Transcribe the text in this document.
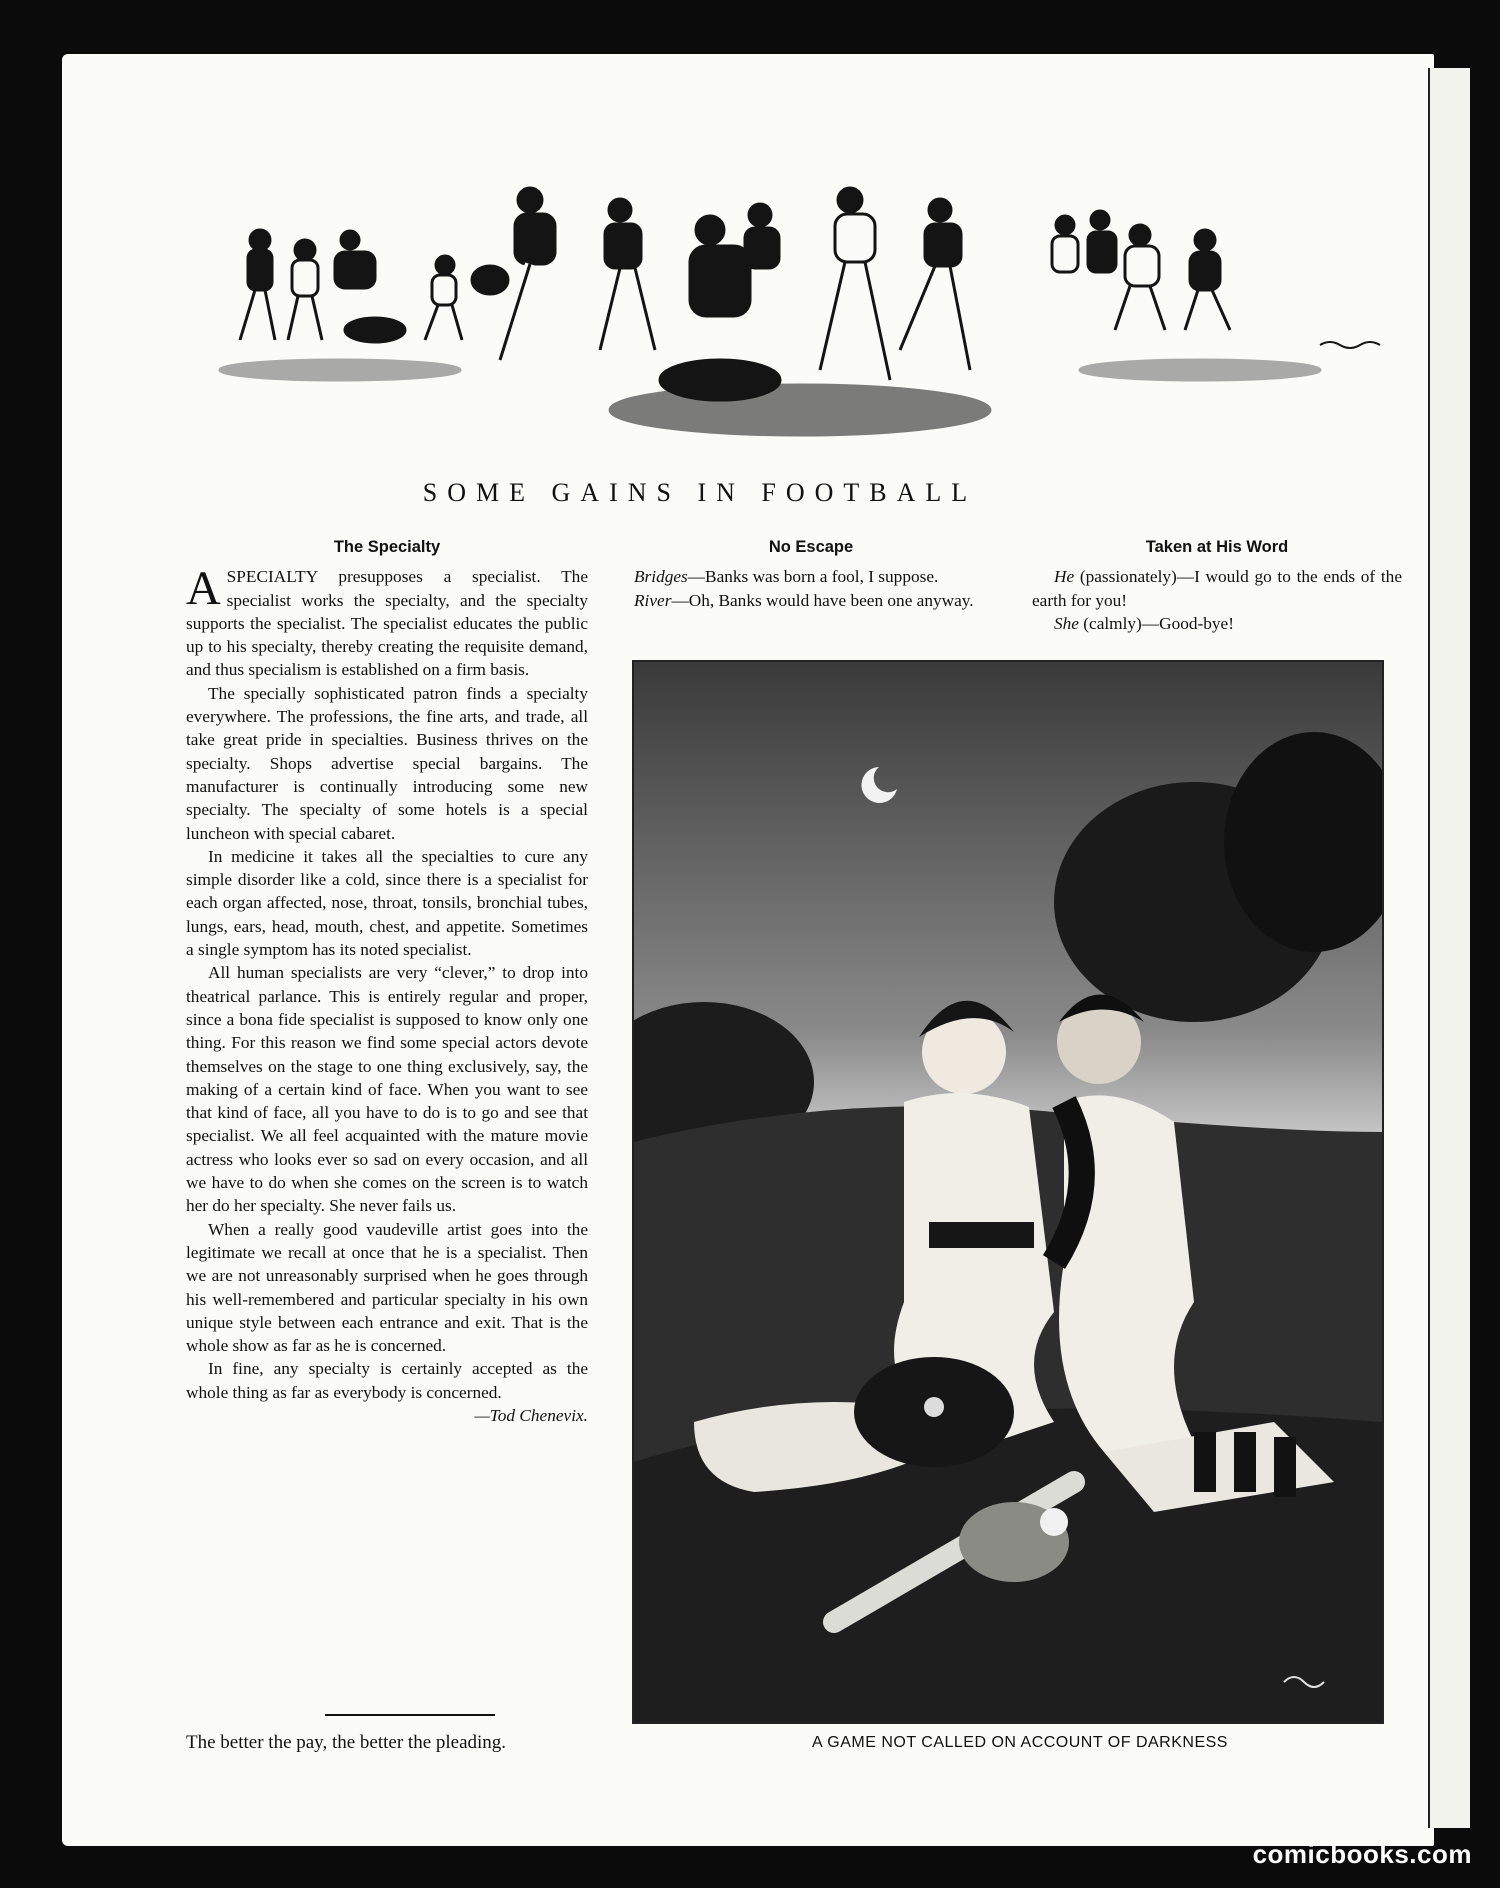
SOME GAINS IN FOOTBALL
The Specialty

ASPECIALTY presupposes a specialist. The specialist works the specialty, and the specialty supports the specialist. The specialist educates the public up to his specialty, thereby creating the requisite demand, and thus specialism is established on a firm basis.

The specially sophisticated patron finds a specialty everywhere. The professions, the fine arts, and trade, all take great pride in specialties. Business thrives on the specialty. Shops advertise special bargains. The manufacturer is continually introducing some new specialty. The specialty of some hotels is a special luncheon with special cabaret.

In medicine it takes all the specialties to cure any simple disorder like a cold, since there is a specialist for each organ affected, nose, throat, tonsils, bronchial tubes, lungs, ears, head, mouth, chest, and appetite. Sometimes a single symptom has its noted specialist.

All human specialists are very “clever,” to drop into theatrical parlance. This is entirely regular and proper, since a bona fide specialist is supposed to know only one thing. For this reason we find some special actors devote themselves on the stage to one thing exclusively, say, the making of a certain kind of face. When you want to see that kind of face, all you have to do is to go and see that specialist. We all feel acquainted with the mature movie actress who looks ever so sad on every occasion, and all we have to do when she comes on the screen is to watch her do her specialty. She never fails us.

When a really good vaudeville artist goes into the legitimate we recall at once that he is a specialist. Then we are not unreasonably surprised when he goes through his well-remembered and particular specialty in his own unique style between each entrance and exit. That is the whole show as far as he is concerned.

In fine, any specialty is certainly accepted as the whole thing as far as everybody is concerned.

—Tod Chenevix.

No Escape

Bridges—Banks was born a fool, I suppose.

River—Oh, Banks would have been one anyway.

Taken at His Word

He (passionately)—I would go to the ends of the earth for you!

She (calmly)—Good-bye!

The better the pay, the better the pleading.	A GAME NOT CALLED ON ACCOUNT OF DARKNESS
comicbooks.com
